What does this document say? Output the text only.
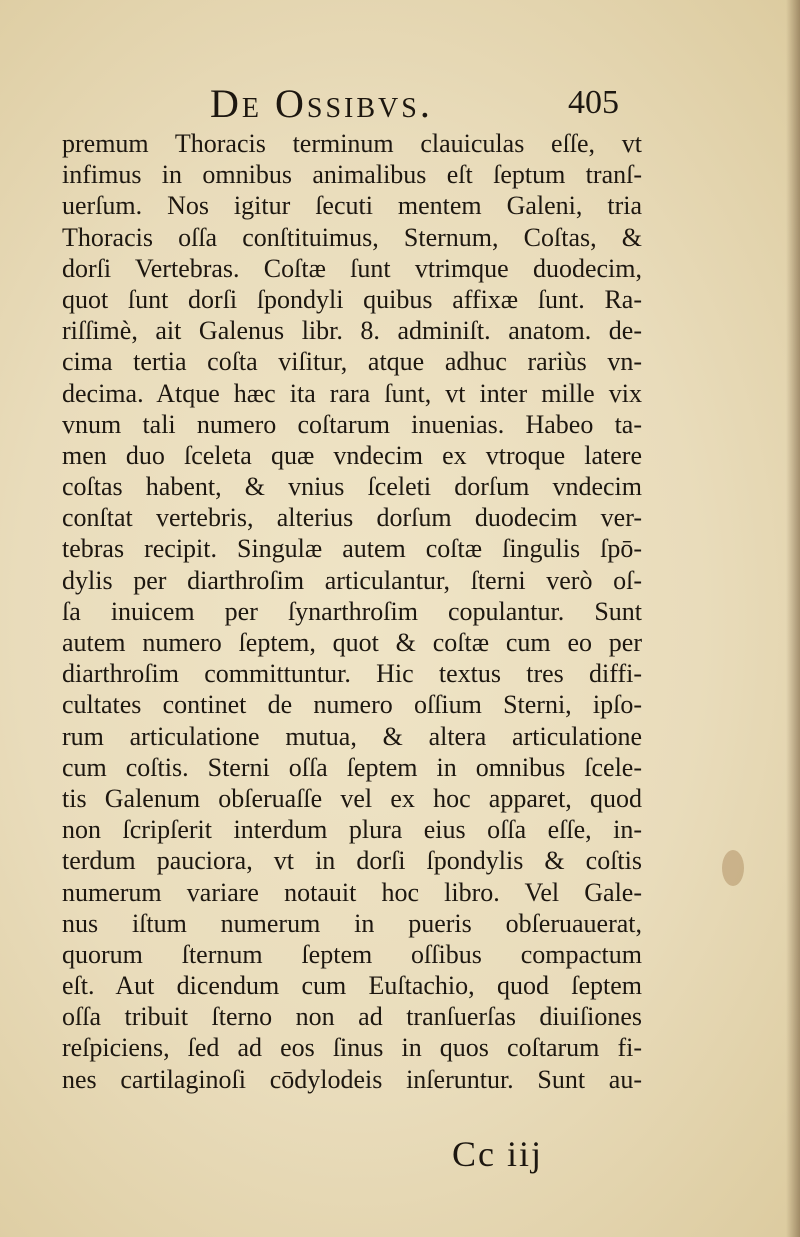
De Ossibvs.	405
premum Thoracis terminum clauiculas eſſe, vt
infimus in omnibus animalibus eſt ſeptum tranſ-
uerſum. Nos igitur ſecuti mentem Galeni, tria
Thoracis oſſa conſtituimus, Sternum, Coſtas, &
dorſi Vertebras. Coſtæ ſunt vtrimque duodecim,
quot ſunt dorſi ſpondyli quibus affixæ ſunt. Ra-
riſſimè, ait Galenus libr. 8. adminiſt. anatom. de-
cima tertia coſta viſitur, atque adhuc rariùs vn-
decima. Atque hæc ita rara ſunt, vt inter mille vix
vnum tali numero coſtarum inuenias. Habeo ta-
men duo ſceleta quæ vndecim ex vtroque latere
coſtas habent, & vnius ſceleti dorſum vndecim
conſtat vertebris, alterius dorſum duodecim ver-
tebras recipit. Singulæ autem coſtæ ſingulis ſpō-
dylis per diarthroſim articulantur, ſterni verò oſ-
ſa inuicem per ſynarthroſim copulantur. Sunt
autem numero ſeptem, quot & coſtæ cum eo per
diarthroſim committuntur. Hic textus tres diffi-
cultates continet de numero oſſium Sterni, ipſo-
rum articulatione mutua, & altera articulatione
cum coſtis. Sterni oſſa ſeptem in omnibus ſcele-
tis Galenum obſeruaſſe vel ex hoc apparet, quod
non ſcripſerit interdum plura eius oſſa eſſe, in-
terdum pauciora, vt in dorſi ſpondylis & coſtis
numerum variare notauit hoc libro. Vel Gale-
nus iſtum numerum in pueris obſeruauerat,
quorum ſternum ſeptem oſſibus compactum
eſt. Aut dicendum cum Euſtachio, quod ſeptem
oſſa tribuit ſterno non ad tranſuerſas diuiſiones
reſpiciens, ſed ad eos ſinus in quos coſtarum fi-
nes cartilaginoſi cōdylodeis inſeruntur. Sunt au-
Cc iij
